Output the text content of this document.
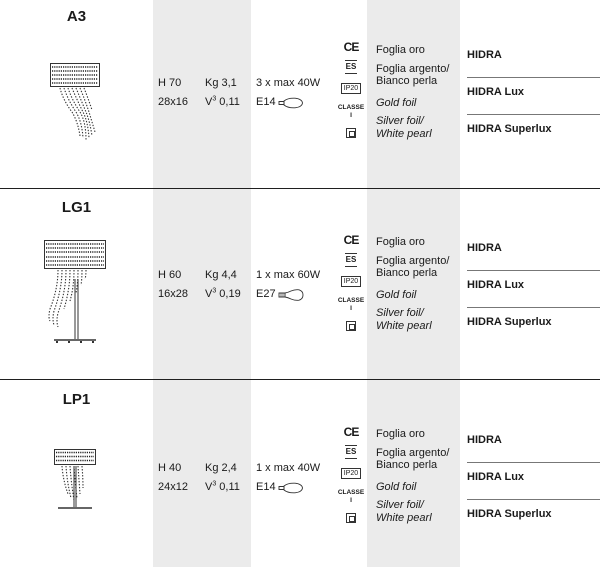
A3
H 70
28x16
Kg 3,1
$V^3$ 0,11
3 x max 40W
E14
CE
ES
IP20
CLASSE I
Foglia oro
Foglia argento/
Bianco perla
Gold foil
Silver foil/
White pearl
HIDRA
HIDRA Lux
HIDRA Superlux
LG1
H 60
16x28
Kg 4,4
$V^3$ 0,19
1 x max 60W
E27
CE
ES
IP20
CLASSE I
Foglia oro
Foglia argento/
Bianco perla
Gold foil
Silver foil/
White pearl
HIDRA
HIDRA Lux
HIDRA Superlux
LP1
H 40
24x12
Kg 2,4
$V^3$ 0,11
1 x max 40W
E14
CE
ES
IP20
CLASSE I
Foglia oro
Foglia argento/
Bianco perla
Gold foil
Silver foil/
White pearl
HIDRA
HIDRA Lux
HIDRA Superlux
